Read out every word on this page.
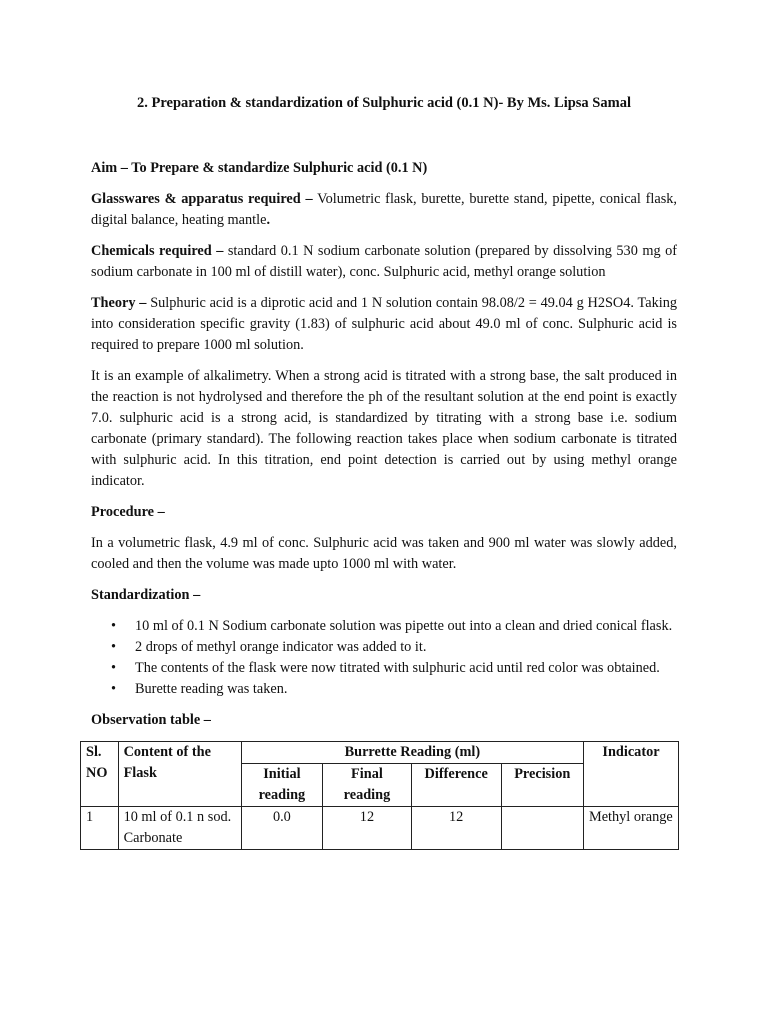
2. Preparation & standardization of Sulphuric acid (0.1 N)- By Ms. Lipsa Samal

Aim – To Prepare & standardize Sulphuric acid (0.1 N)

Glasswares & apparatus required – Volumetric flask, burette, burette stand, pipette, conical flask, digital balance, heating mantle.

Chemicals required – standard 0.1 N sodium carbonate solution (prepared by dissolving 530 mg of sodium carbonate in 100 ml of distill water), conc. Sulphuric acid, methyl orange solution

Theory – Sulphuric acid is a diprotic acid and 1 N solution contain 98.08/2 = 49.04 g H2SO4. Taking into consideration specific gravity (1.83) of sulphuric acid about 49.0 ml of conc. Sulphuric acid is required to prepare 1000 ml solution.

It is an example of alkalimetry. When a strong acid is titrated with a strong base, the salt produced in the reaction is not hydrolysed and therefore the ph of the resultant solution at the end point is exactly 7.0. sulphuric acid is a strong acid, is standardized by titrating with a strong base i.e. sodium carbonate (primary standard). The following reaction takes place when sodium carbonate is titrated with sulphuric acid. In this titration, end point detection is carried out by using methyl orange indicator.

Procedure –

In a volumetric flask, 4.9 ml of conc. Sulphuric acid was taken and 900 ml water was slowly added, cooled and then the volume was made upto 1000 ml with water.

Standardization –

• 10 ml of 0.1 N Sodium carbonate solution was pipette out into a clean and dried conical flask.
• 2 drops of methyl orange indicator was added to it.
• The contents of the flask were now titrated with sulphuric acid until red color was obtained.
• Burette reading was taken.

Observation table –

Sl. NO	Content of the Flask	Burrette Reading (ml)				Indicator
		Initial reading	Final reading	Difference	Precision	
1	10 ml of 0.1 n sod. Carbonate	0.0	12	12		Methyl orange
